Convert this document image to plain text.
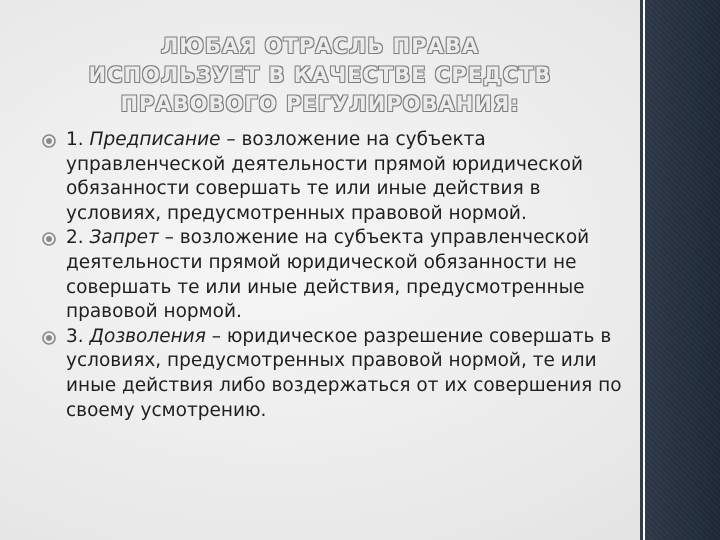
ЛЮБАЯ ОТРАСЛЬ ПРАВА ИСПОЛЬЗУЕТ В КАЧЕСТВЕ СРЕДСТВ ПРАВОВОГО РЕГУЛИРОВАНИЯ:
1. Предписание – возложение на субъекта управленческой деятельности прямой юридической обязанности совершать те или иные действия в условиях, предусмотренных правовой нормой.
2. Запрет – возложение на субъекта управленческой деятельности прямой юридической обязанности не совершать те или иные действия, предусмотренные правовой нормой.
3. Дозволения – юридическое разрешение совершать в условиях, предусмотренных правовой нормой, те или иные действия либо воздержаться от их совершения по своему усмотрению.
